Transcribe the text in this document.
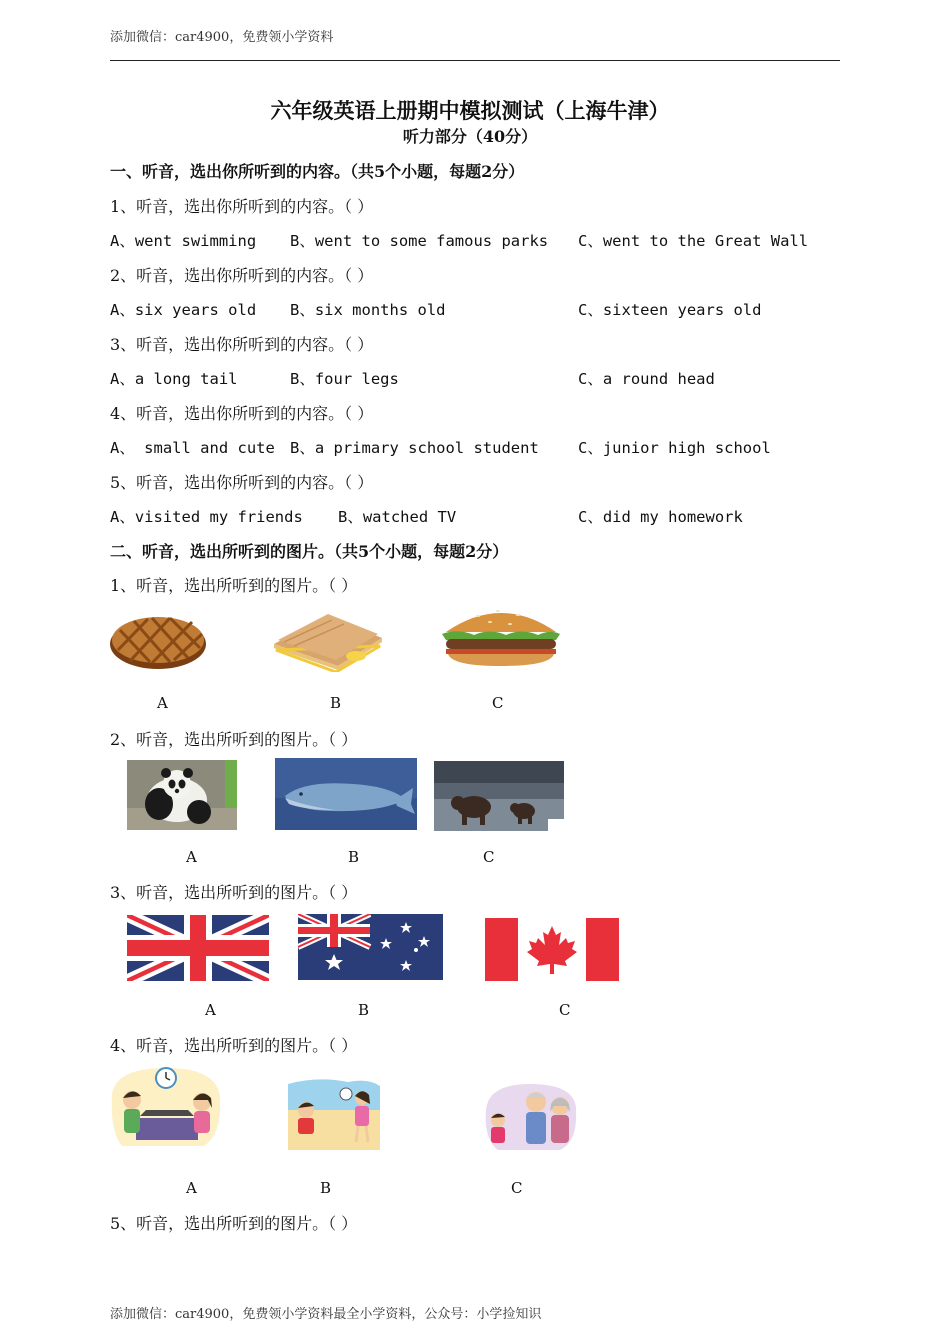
添加微信：car4900，免费领小学资料
六年级英语上册期中模拟测试（上海牛津）
听力部分（40分）
一、听音，选出你所听到的内容。（共5个小题，每题2分）
1、听音，选出你所听到的内容。（ ）
A、went swimming B、went to some famous parks C、went to the Great Wall
2、听音，选出你所听到的内容。（ ）
A、six years old B、six months old	C、sixteen years old
3、听音，选出你所听到的内容。（ ）
A、a long tail	B、four legs	C、a round head
4、听音，选出你所听到的内容。（ ）
A、 small and cute B、a primary school student	C、junior high school
5、听音，选出你所听到的内容。（ ）
A、visited my friends B、watched TV	C、did my homework
二、听音，选出所听到的图片。（共5个小题，每题2分）
1、听音，选出所听到的图片。（ ）
A	B	C
2、听音，选出所听到的图片。（ ）
A	B	C
3、听音，选出所听到的图片。（ ）
A	B	C
4、听音，选出所听到的图片。（ ）
A	B	C
5、听音，选出所听到的图片。（ ）
添加微信：car4900，免费领小学资料最全小学资料，公众号：小学捡知识
